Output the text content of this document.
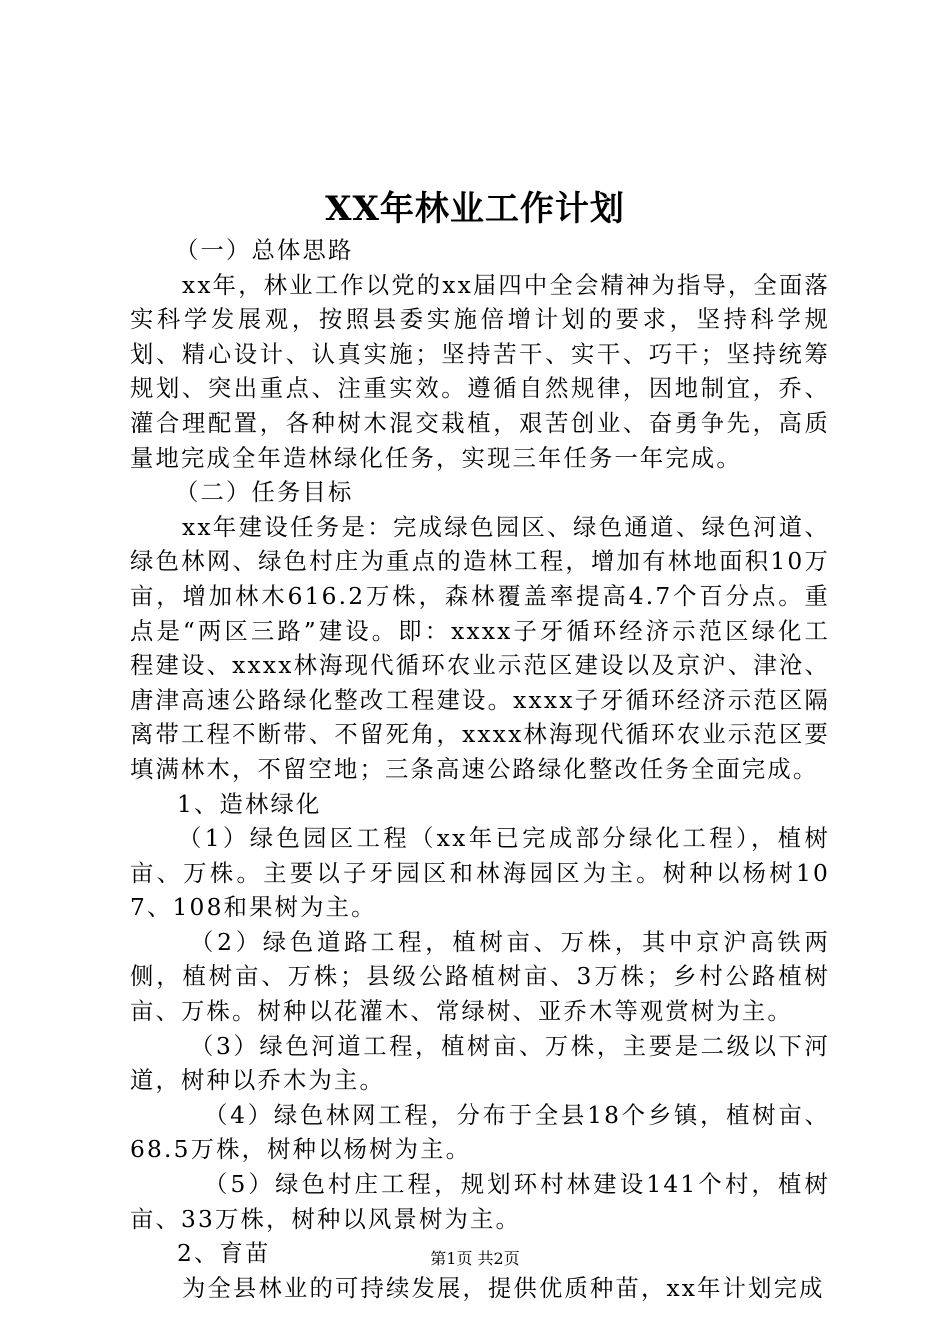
XX年林业工作计划

（一）总体思路

xx年，林业工作以党的xx届四中全会精神为指导，全面落实科学发展观，按照县委实施倍增计划的要求，坚持科学规划、精心设计、认真实施；坚持苦干、实干、巧干；坚持统筹规划、突出重点、注重实效。遵循自然规律，因地制宜，乔、灌合理配置，各种树木混交栽植，艰苦创业、奋勇争先，高质量地完成全年造林绿化任务，实现三年任务一年完成。

（二）任务目标

xx年建设任务是：完成绿色园区、绿色通道、绿色河道、绿色林网、绿色村庄为重点的造林工程，增加有林地面积10万亩，增加林木616.2万株，森林覆盖率提高4.7个百分点。重点是“两区三路”建设。即：xxxx子牙循环经济示范区绿化工程建设、xxxx林海现代循环农业示范区建设以及京沪、津沧、唐津高速公路绿化整改工程建设。xxxx子牙循环经济示范区隔离带工程不断带、不留死角，xxxx林海现代循环农业示范区要填满林木，不留空地；三条高速公路绿化整改任务全面完成。

1、造林绿化

（1）绿色园区工程（xx年已完成部分绿化工程），植树亩、万株。主要以子牙园区和林海园区为主。树种以杨树107、108和果树为主。

（2）绿色道路工程，植树亩、万株，其中京沪高铁两侧，植树亩、万株；县级公路植树亩、3万株；乡村公路植树亩、万株。树种以花灌木、常绿树、亚乔木等观赏树为主。

（3）绿色河道工程，植树亩、万株，主要是二级以下河道，树种以乔木为主。

（4）绿色林网工程，分布于全县18个乡镇，植树亩、68.5万株，树种以杨树为主。

（5）绿色村庄工程，规划环村林建设141个村，植树亩、33万株，树种以风景树为主。

2、育苗

为全县林业的可持续发展，提供优质种苗，xx年计划完成

第1页 共2页
